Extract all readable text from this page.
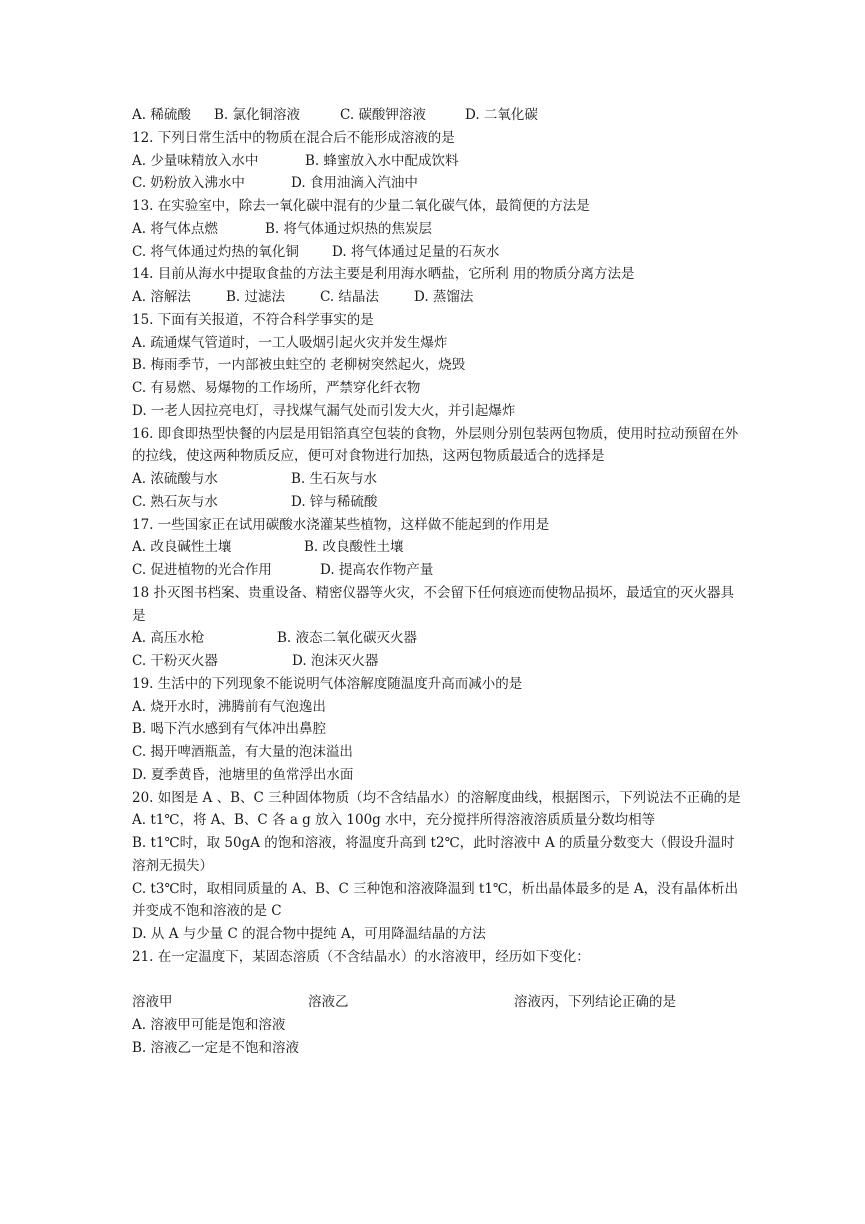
A. 稀硫酸	B. 氯化铜溶液	C. 碳酸钾溶液	D. 二氧化碳
12. 下列日常生活中的物质在混合后不能形成溶液的是
A. 少量味精放入水中	B. 蜂蜜放入水中配成饮料
C. 奶粉放入沸水中	D. 食用油滴入汽油中
13. 在实验室中，除去一氧化碳中混有的少量二氧化碳气体，最简便的方法是
A. 将气体点燃	B. 将气体通过炽热的焦炭层
C. 将气体通过灼热的氧化铜	D. 将气体通过足量的石灰水
14. 目前从海水中提取食盐的方法主要是利用海水晒盐，它所利 用的物质分离方法是
A. 溶解法	B. 过滤法	C. 结晶法	D. 蒸馏法
15. 下面有关报道，不符合科学事实的是
A. 疏通煤气管道时，一工人吸烟引起火灾并发生爆炸
B. 梅雨季节，一内部被虫蛀空的 老柳树突然起火，烧毁
C. 有易燃、易爆物的工作场所，严禁穿化纤衣物
D. 一老人因拉亮电灯，寻找煤气漏气处而引发大火，并引起爆炸
16. 即食即热型快餐的内层是用铝箔真空包装的食物，外层则分别包装两包物质，使用时拉动预留在外的拉线，使这两种物质反应，便可对食物进行加热，这两包物质最适合的选择是
A. 浓硫酸与水	B. 生石灰与水
C. 熟石灰与水	D. 锌与稀硫酸
17. 一些国家正在试用碳酸水浇灌某些植物，这样做不能起到的作用是
A. 改良碱性土壤	B. 改良酸性土壤
C. 促进植物的光合作用	D. 提高农作物产量
18 扑灭图书档案、贵重设备、精密仪器等火灾，不会留下任何痕迹而使物品损坏，最适宜的灭火器具是
A. 高压水枪	B. 液态二氧化碳灭火器
C. 干粉灭火器	D. 泡沫灭火器
19. 生活中的下列现象不能说明气体溶解度随温度升高而减小的是
A. 烧开水时，沸腾前有气泡逸出
B. 喝下汽水感到有气体冲出鼻腔
C. 揭开啤酒瓶盖，有大量的泡沫溢出
D. 夏季黄昏，池塘里的鱼常浮出水面
20. 如图是 A 、B、C 三种固体物质（均不含结晶水）的溶解度曲线，根据图示，下列说法不正确的是
A. t1℃，将 A、B、C 各 a g 放入 100g 水中，充分搅拌所得溶液溶质质量分数均相等
B. t1℃时，取 50gA 的饱和溶液，将温度升高到 t2℃，此时溶液中 A 的质量分数变大（假设升温时溶剂无损失）
C. t3℃时，取相同质量的 A、B、C 三种饱和溶液降温到 t1℃，析出晶体最多的是 A，没有晶体析出并变成不饱和溶液的是 C
D. 从 A 与少量 C 的混合物中提纯 A，可用降温结晶的方法
21. 在一定温度下，某固态溶质（不含结晶水）的水溶液甲，经历如下变化：
溶液甲	溶液乙	溶液丙，下列结论正确的是
A. 溶液甲可能是饱和溶液
B. 溶液乙一定是不饱和溶液
